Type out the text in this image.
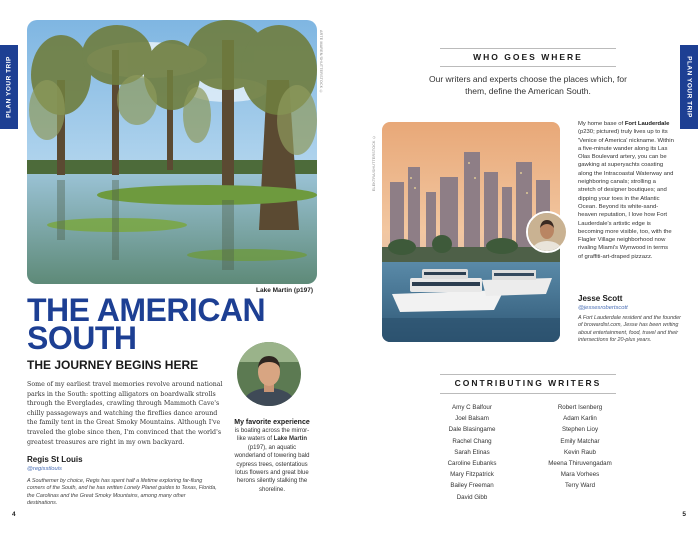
PLAN YOUR TRIP	PLAN YOUR TRIP
ARTE MAREN/SHUTTERSTOCK ©
Lake Martin (p197)
THE AMERICAN
SOUTH
THE JOURNEY BEGINS HERE

Some of my earliest travel memories revolve around national parks in the South: spotting alligators on boardwalk strolls through the Everglades, crawling through Mammoth Cave's chilly passageways and watching the fireflies dance around the family tent in the Great Smoky Mountains. Although I've traveled the globe since then, I'm convinced that the world's greatest treasures are right in my own backyard.

Regis St Louis
@regisstlouis

A Southerner by choice, Regis has spent half a lifetime exploring far-flung corners of the South, and he has written Lonely Planet guides to Texas, Florida, the Carolinas and the Great Smoky Mountains, among many other destinations.

My favorite experience
is boating across the mirror-like waters of Lake Martin (p197), an aquatic wonderland of towering bald cypress trees, ostentatious lotus flowers and great blue herons silently stalking the shoreline.
4
WHO GOES WHERE

Our writers and experts choose the places which, for them, define the American South.

ELEKTRA/SHUTTERSTOCK ©
My home base of Fort Lauderdale (p230; pictured) truly lives up to its 'Venice of America' nickname. Within a five-minute wander along its Las Olas Boulevard artery, you can be gawking at superyachts coasting along the Intracoastal Waterway and neighboring canals; strolling a stretch of designer boutiques; and dipping your toes in the Atlantic Ocean. Beyond its white-sand-heaven reputation, I love how Fort Lauderdale's artistic edge is becoming more visible, too, with the Flagler Village neighborhood now rivaling Miami's Wynwood in terms of graffiti-art-draped pizzazz.
Jesse Scott
@jessesrobertscott

A Fort Lauderdale resident and the founder of browardist.com, Jesse has been writing about entertainment, food, travel and their intersections for 20-plus years.

CONTRIBUTING WRITERS
Amy C Balfour
Joel Balsam
Dale Blasingame
Rachel Chang
Sarah Etinas
Caroline Eubanks
Mary Fitzpatrick
Bailey Freeman
David Gibb
Robert Isenberg
Adam Karlin
Stephen Lioy
Emily Matchar
Kevin Raub
Meena Thiruvengadam
Mara Vorhees
Terry Ward
5
